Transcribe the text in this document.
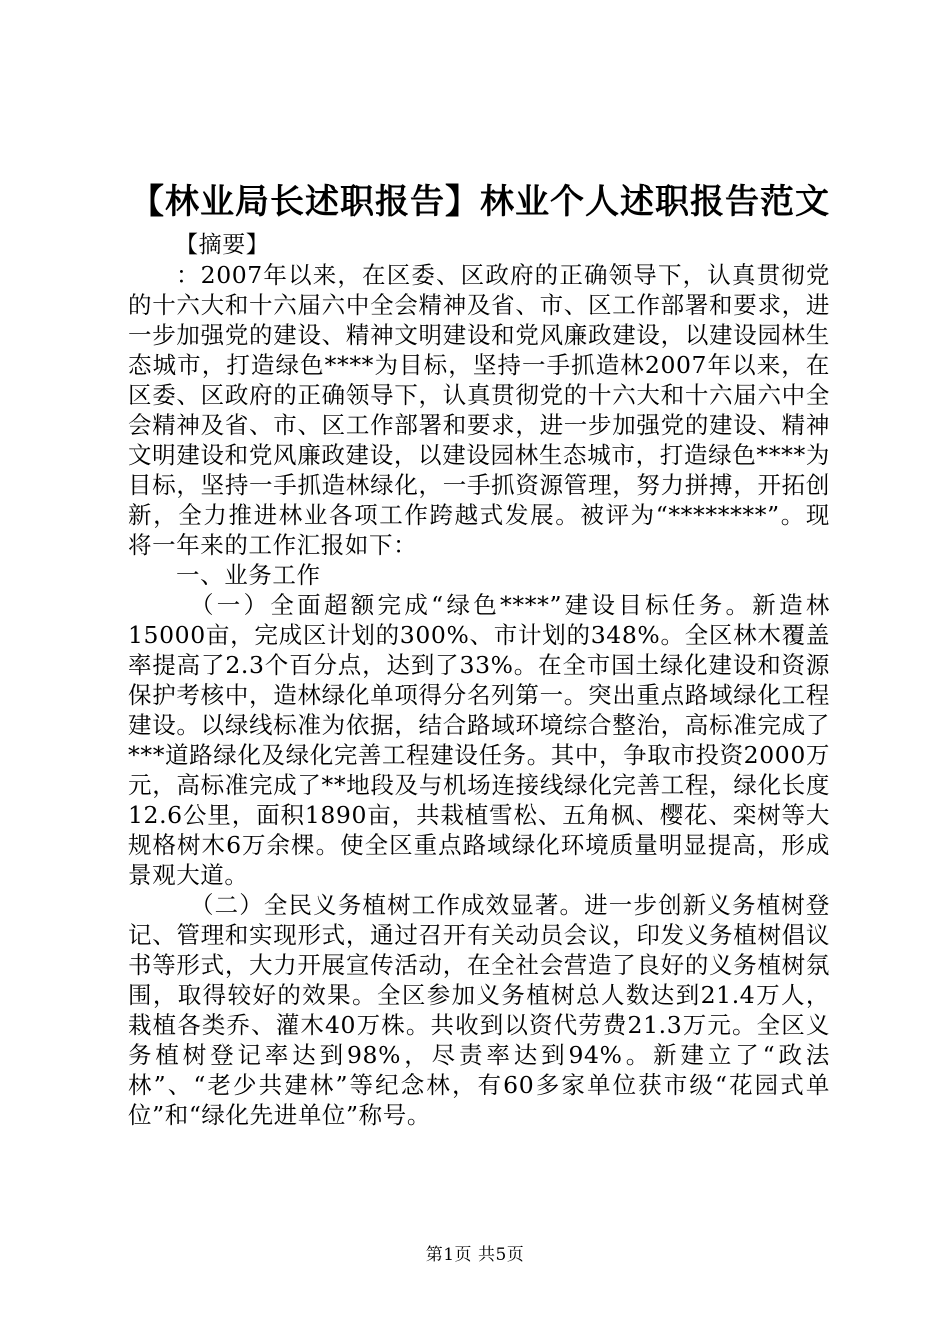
【林业局长述职报告】林业个人述职报告范文

【摘要】

：2007年以来，在区委、区政府的正确领导下，认真贯彻党的十六大和十六届六中全会精神及省、市、区工作部署和要求，进一步加强党的建设、精神文明建设和党风廉政建设，以建设园林生态城市，打造绿色****为目标，坚持一手抓造林2007年以来，在区委、区政府的正确领导下，认真贯彻党的十六大和十六届六中全会精神及省、市、区工作部署和要求，进一步加强党的建设、精神文明建设和党风廉政建设，以建设园林生态城市，打造绿色****为目标，坚持一手抓造林绿化，一手抓资源管理，努力拼搏，开拓创新，全力推进林业各项工作跨越式发展。被评为“********”。现将一年来的工作汇报如下：

一、业务工作

（一）全面超额完成“绿色****”建设目标任务。新造林15000亩，完成区计划的300%、市计划的348%。全区林木覆盖率提高了2.3个百分点，达到了33%。在全市国土绿化建设和资源保护考核中，造林绿化单项得分名列第一。突出重点路域绿化工程建设。以绿线标准为依据，结合路域环境综合整治，高标准完成了***道路绿化及绿化完善工程建设任务。其中，争取市投资2000万元，高标准完成了**地段及与机场连接线绿化完善工程，绿化长度12.6公里，面积1890亩，共栽植雪松、五角枫、樱花、栾树等大规格树木6万余棵。使全区重点路域绿化环境质量明显提高，形成景观大道。

（二）全民义务植树工作成效显著。进一步创新义务植树登记、管理和实现形式，通过召开有关动员会议，印发义务植树倡议书等形式，大力开展宣传活动，在全社会营造了良好的义务植树氛围，取得较好的效果。全区参加义务植树总人数达到21.4万人，栽植各类乔、灌木40万株。共收到以资代劳费21.3万元。全区义务植树登记率达到98%，尽责率达到94%。新建立了“政法林”、“老少共建林”等纪念林，有60多家单位获市级“花园式单位”和“绿化先进单位”称号。

第1页 共5页
